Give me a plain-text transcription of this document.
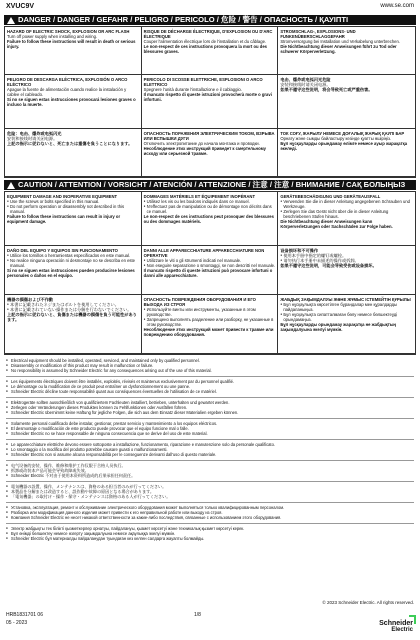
XVUC9V	www.se.com
DANGER / DANGER / GEFAHR / PELIGRO / PERICOLO / 危险 / 警告 / ОПАСНОСТЬ / ҚАУІПТІ
HAZARD OF ELECTRIC SHOCK, EXPLOSION OR ARC FLASH
Turn off power supply when installing and wiring.
Failure to follow these instructions will result in death or serious injury.
RISQUE DE DÉCHARGE ÉLECTRIQUE, D'EXPLOSION OU D'ARC ÉLECTRIQUE
Couper l'alimentation électrique lors de l'installation et du câblage.
Le non-respect de ces instructions provoquera la mort ou des blessures graves.
STROMSCHLAG-, EXPLOSIONS- UND FUNKENÜBERSCHLAGGEFAHR
Stromversorgung bei Installation und Verkabelung unterbrechen.
Die Nichtbeachtung dieser Anweisungen führt zu Tod oder schwerer Körperverletzung.
PELIGRO DE DESCARGA ELÉCTRICA, EXPLOSIÓN O ARCO ELÉCTRICO
Apague la fuente de alimentación cuando realice la instalación y cablee el cableado.
Si no se siguen estas instrucciones provocará lesiones graves o incluso la muerte.
PERICOLO DI SCOSSE ELETTRICHE, ESPLOSIONI O ARCO ELETTRICO
Spegnere l'unità durante l'installazione e il cablaggio.
Il mancato rispetto di queste istruzioni provocherà morte o gravi infortuni.
电击、爆炸或电弧闪光危险
安装和接线时请关闭电源。
如果不遵守这些说明，将会导致死亡或严重伤害。
危险：电击、爆炸或电弧闪光
安装和接线时请关闭电源。
上記の指示に従わないと、死亡または重傷を負うことになります。
ОПАСНОСТЬ ПОРАЖЕНИЯ ЭЛЕКТРИЧЕСКИМ ТОКОМ, ВЗРЫВА ИЛИ ВСПЫШКИ ДУГИ
Отключить электропитание до начала монтажа и проводки.
Несоблюдение этих инструкций приведет к смертельному исходу или серьезной травме.
ТОК СОҒУ, ЖАРЫЛУ НЕМЕСЕ ДОҒАЛЫҚ ЖАРЫҚ ҚАУПІ БАР
Орнату және сымды байластыру кезінде қуатты өшіріңіз.
Бұл нұсқауларды орындамау өлімге немесе ауыр жарақатқа әкеледі.
CAUTION / ATTENTION / VORSICHT / ATENCIÓN / ATTENZIONE / 注意 / 注意 / ВНИМАНИЕ / САҚ БОЛЫҢЫЗ
EQUIPMENT DAMAGE AND INOPERATIVE EQUIPMENT
● Use the screws or bolts specified in this manual.
● Do not perform operation or disassembly not described in this manual.
Failure to follow these instructions can result in injury or equipment damage.
DOMMAGES MATÉRIELS ET ÉQUIPEMENT INOPÉRANT
● Utilisez les vis ou les boulons indiqués dans ce manuel.
● N'effectuez pas de manipulation ou de démontage non décrits dans ce manuel.
Le non-respect de ces instructions peut provoquer des blessures ou des dommages matériels.
GERÄTEBESCHÄDIGUNG UND GERÄTEAUSFALL
● Verwenden Sie die in dieser Anleitung angegebenen Schrauben und Werkzeuge.
● Zerlegen Sie das Gerät nicht über die in dieser Anleitung beschriebenen Stufen hinaus.
Die Nichtbeachtung dieser Anweisungen kann Körperverletzungen oder Sachschäden zur Folge haben.
DAÑO DEL EQUIPO Y EQUIPOS SIN FUNCIONAMIENTO
● Utilice los tornillos o herramientas especificados en este manual.
● No realice ninguna operación ni desmontaje no se describa en este manual.
Si no se siguen estas instrucciones pueden producirse lesiones personales o daños en el equipo.
DANNI ALLE APPARECCHIATURE APPARECCHIATURE NON OPERATIVE
● Utilizzare le viti o gli strumenti indicati nel manuale.
● Non eseguire separazione o smontaggi, se non descritti nel manuale.
Il mancato rispetto di queste istruzioni può provocare infortuni o danni alle apparecchiature.
设备损坏和不可操作
● 使用本手册中指定的螺钉或螺栓。
● 请勿执行本手册中未描述的操作或拆卸。
如果不遵守这些说明，可能会导致受伤或设备损坏。
機器の損傷および不作動
● 本書に記載されたネジまたはボルトを使用してください。
● 本書に記載されていない操作または分解を行わないでください。
上記の指示に従わないと、負傷または機器の損傷を負う可能性があります。
ОПАСНОСТЬ ПОВРЕЖДЕНИЯ ОБОРУДОВАНИЯ И ЕГО ВЫХОДА ИЗ СТРОЯ
● Используйте винты или инструменты, указанные в этом руководстве.
● Запрещено выполнять разделение или разборку, не указанные в этом руководстве.
Несоблюдение этих инструкций может привести к травме или повреждению оборудования.
ЖАБДЫҚ ЗАҚЫМДАЛУЫ ЖӘНЕ ЖҰМЫС ІСТЕМЕЙТІН ҚҰРЫЛЫ
● Бұл нұсқаулықта көрсетілген бұрандалар мен құралдарды пайдаланыңыз.
● Бұл нұсқаулықта сипатталмаған бөлу немесе бөлшектеуді орындамаңыз.
Бұл нұсқауларды орындамау жарақатқа не жабдықтың зақымдалуына әкелуі мүмкін.
● Electrical equipment should be installed, operated, serviced, and maintained only by qualified personnel.
● Disassembly or modification of this product may result in malfunction or failure.
● No responsibility is assumed by Schneider Electric for any consequences arising out of the use of this material.
● Les équipements électriques doivent être installés, exploités, révisés et maintenus exclusivement par du personnel qualifié.
● Le démontage ou la modification de ce produit peut entraîner un dysfonctionnement ou une panne.
● Schneider Electric décline toute responsabilité quant aux conséquences éventuelles de l'utilisation de ce matériel.
● Elektrogeräte sollten ausschließlich von qualifiziertem Fachleuten installiert, betrieben, unterhalten und gewartet werden.
● Zerlegen oder Veränderungen dieses Produktes können zu Fehlfunktionen oder Ausfällen führen.
● Schneider Electric übernimmt keine Haftung für jegliche Folgen, die sich aus dem Einsatz dieser Materialien ergeben können.
● Solamente personal cualificado debe instalar, gestionar, prestar servicio y mantenimiento a los equipos eléctricos.
● El desmontaje o modificación de este producto puede provocar que el equipo funcione mal o falle.
● Schneider Electric no se hace responsable de ninguna consecuencia que se derive del uso de este material.
● Le apparecchiature elettriche devono essere sottoposte a installazione, funzionamento, riparazione e manutenzione solo da personale qualificato.
● Lo smontaggio o la modifica del prodotto potrebbe causare guasti o malfunzionamenti.
● Schneider Electric non si assume alcuna responsabilità per le conseguenze derivanti dall'uso di questo materiale.
● 电气设备的安装、操作、维修和维护工作仅限于合格人员执行。
● 拆卸或改装本产品可能会导致故障或失效。
● Schneider Electric 不对由于使用本资料所造成的后果承担任何责任。
● 電気機器の設置、操作、メンテナンスは、資格のある担当者のみが行ってください。
● 本製品を分解または改造すると、誤作動や故障の原因となる場合があります。
● 「電気機器」の取付け・操作・保守・メンテナンスは資格のある人が行ってください。
● Установка, эксплуатация, ремонт и обслуживание электрического оборудования может выполняться только квалифицированным персоналом.
● Разборка или модификация данного изделия может привести к его неправильной работе или выходу из строя.
● Компания Schneider Electric не несет никакой ответственности за какие-либо последствия, связанные с использованием этого оборудования.
● Электр жабдықты тек білікті қызметкерлер орнатуы, пайдалануы, қызмет көрсетуі және техникалық қызмет көрсетуі керек.
● Бұл өнімді бөлшектеу немесе өзгерту зақымдалуына немесе ақаулыққа әкелуі мүмкін.
● Schneider Electric бұл материалды пайдаланудан туындаған кез келген салдарға жауапты болмайды.
HRB1831701 06
05 - 2023
1/8
© 2023 Schneider Electric. All rights reserved.
Schneider
Electric
